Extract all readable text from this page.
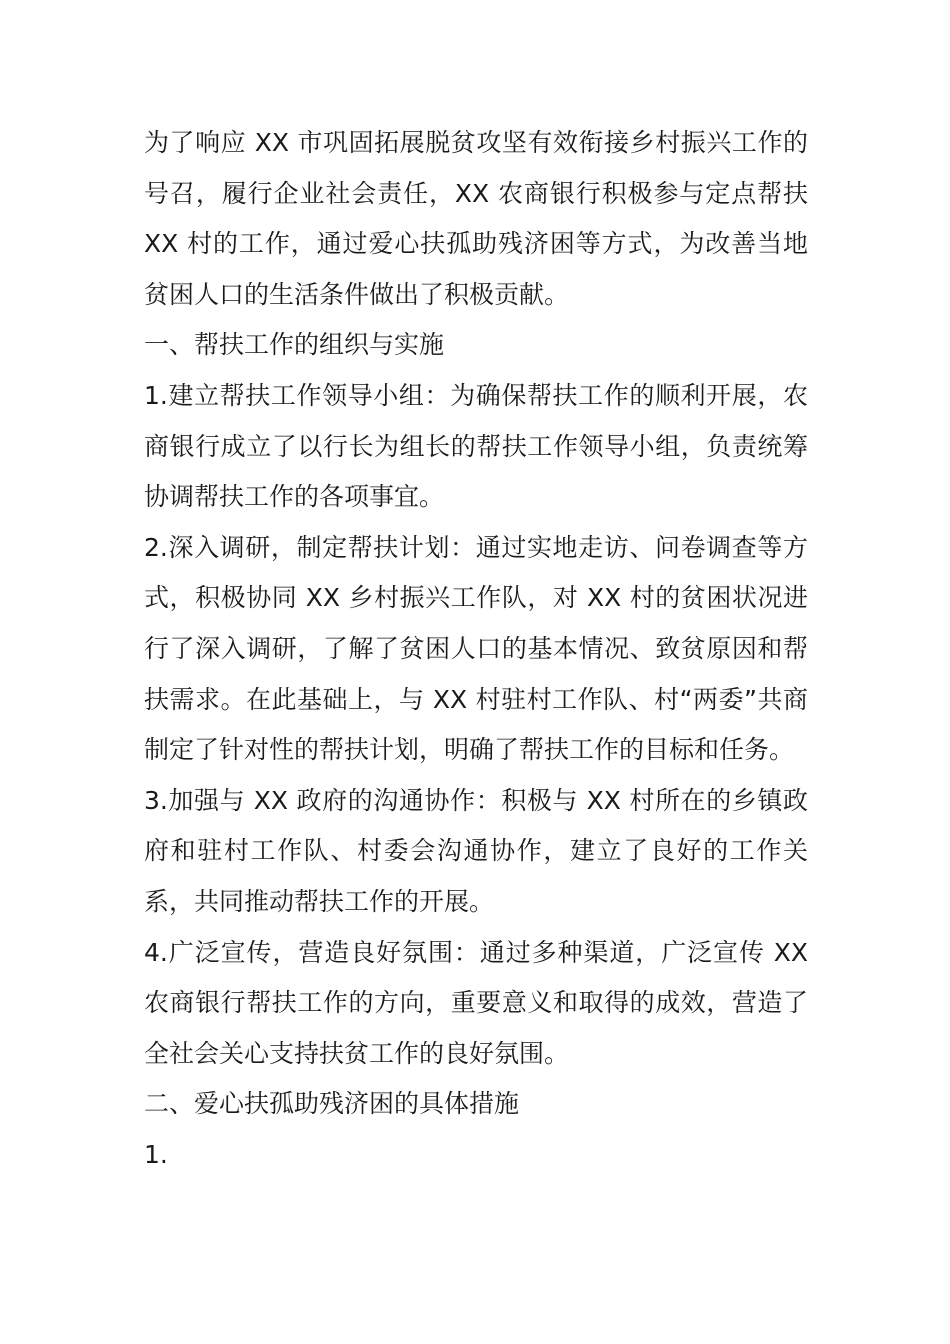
为了响应 XX 市巩固拓展脱贫攻坚有效衔接乡村振兴工作的号召，履行企业社会责任，XX 农商银行积极参与定点帮扶 XX 村的工作，通过爱心扶孤助残济困等方式，为改善当地贫困人口的生活条件做出了积极贡献。

一、帮扶工作的组织与实施

1.建立帮扶工作领导小组：为确保帮扶工作的顺利开展，农商银行成立了以行长为组长的帮扶工作领导小组，负责统筹协调帮扶工作的各项事宜。

2.深入调研，制定帮扶计划：通过实地走访、问卷调查等方式，积极协同 XX 乡村振兴工作队，对 XX 村的贫困状况进行了深入调研，了解了贫困人口的基本情况、致贫原因和帮扶需求。在此基础上，与 XX 村驻村工作队、村“两委”共商制定了针对性的帮扶计划，明确了帮扶工作的目标和任务。

3.加强与 XX 政府的沟通协作：积极与 XX 村所在的乡镇政府和驻村工作队、村委会沟通协作，建立了良好的工作关系，共同推动帮扶工作的开展。

4.广泛宣传，营造良好氛围：通过多种渠道，广泛宣传 XX 农商银行帮扶工作的方向，重要意义和取得的成效，营造了全社会关心支持扶贫工作的良好氛围。

二、爱心扶孤助残济困的具体措施

1.
